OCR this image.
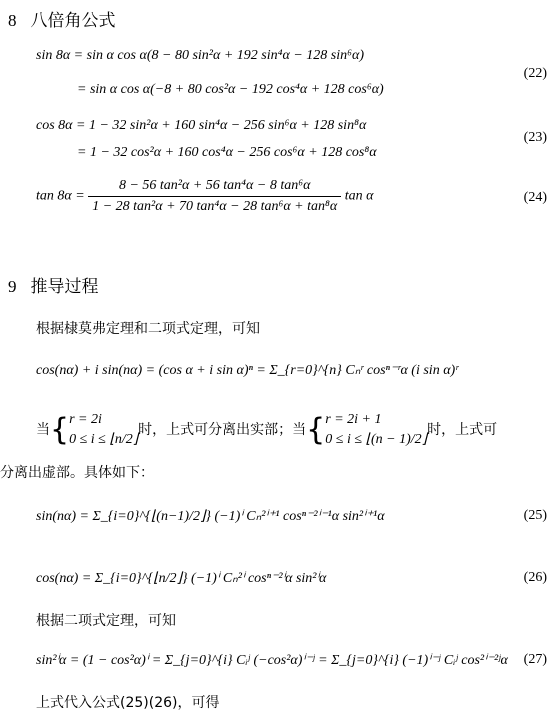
8 八倍角公式
sin 8α = sin α cos α(8 − 80 sin²α + 192 sin⁴α − 128 sin⁶α)
= sin α cos α(−8 + 80 cos²α − 192 cos⁴α + 128 cos⁶α)
(22)
cos 8α = 1 − 32 sin²α + 160 sin⁴α − 256 sin⁶α + 128 sin⁸α
= 1 − 32 cos²α + 160 cos⁴α − 256 cos⁶α + 128 cos⁸α
(23)
$\tan 8\alpha = \frac{\text{8 − 56 tan²α + 56 tan⁴α − 8 tan⁶α}}{\text{1 − 28 tan²α + 70 tan⁴α − 28 tan⁶α + tan⁸α}}$ tan α	(24)
9 推导过程
根据棣莫弗定理和二项式定理，可知
cos(nα) + i sin(nα) = (cos α + i sin α)ⁿ = Σ_{r=0}^{n} Cₙʳ cosⁿ⁻ʳα (i sin α)ʳ
当{ r = 2i
0 ≤ i ≤ ⌊n/2⌋
时，上式可分离出实部；当{ r = 2i + 1
0 ≤ i ≤ ⌊(n − 1)/2⌋
时，上式可
分离出虚部。具体如下：
sin(nα) = Σ_{i=0}^{⌊(n−1)/2⌋} (−1)ⁱ Cₙ²ⁱ⁺¹ cosⁿ⁻²ⁱ⁻¹α sin²ⁱ⁺¹α	(25)
cos(nα) = Σ_{i=0}^{⌊n/2⌋} (−1)ⁱ Cₙ²ⁱ cosⁿ⁻²ⁱα sin²ⁱα	(26)
根据二项式定理，可知
sin²ⁱα = (1 − cos²α)ⁱ = Σ_{j=0}^{i} Cᵢʲ (−cos²α)ⁱ⁻ʲ = Σ_{j=0}^{i} (−1)ⁱ⁻ʲ Cᵢʲ cos²ⁱ⁻²ʲα (27)
上式代入公式(25)(26)，可得
